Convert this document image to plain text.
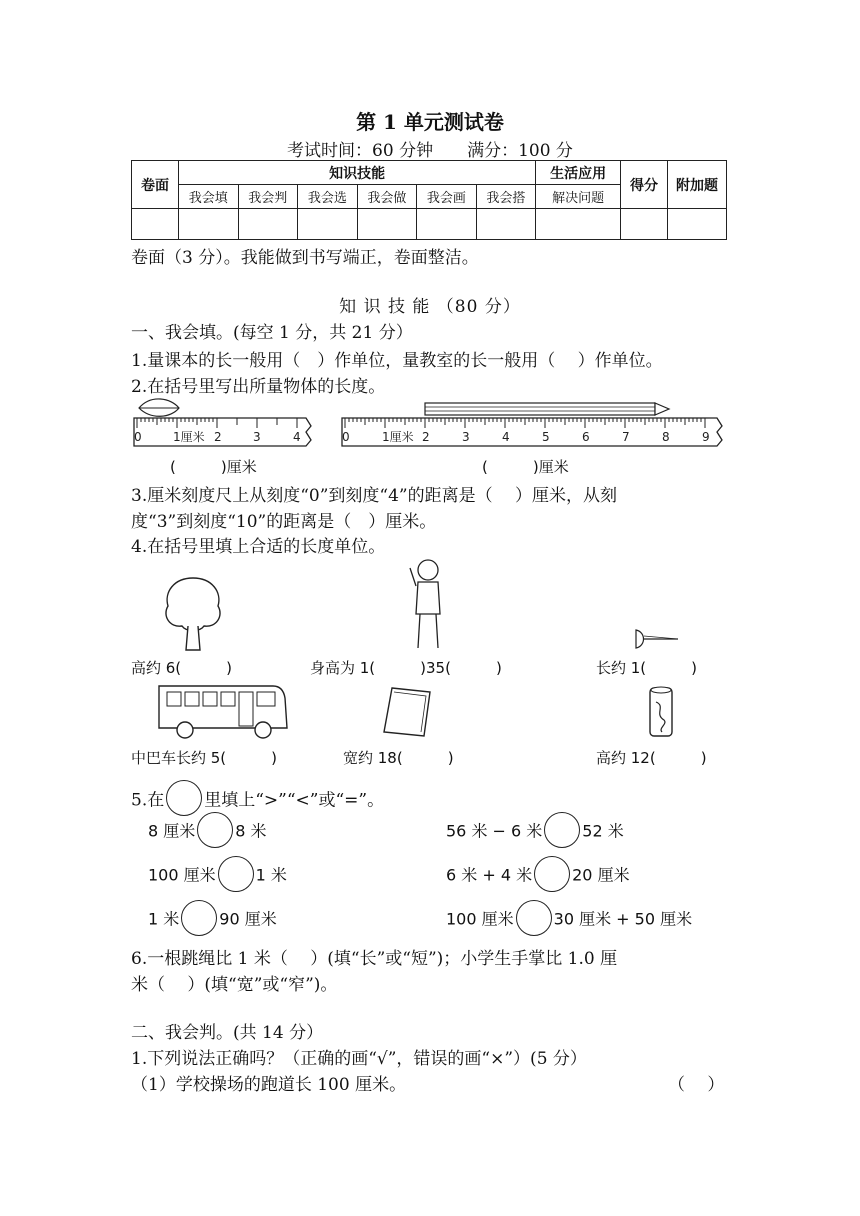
第 1 单元测试卷
考试时间：60 分钟　　满分：100 分
卷面	知识技能						生活应用	得分	附加题
	我会填	我会判	我会选	我会做	我会画	我会搭	解决问题		

卷面（3 分）。我能做到书写端正，卷面整洁。
知 识 技 能 （80 分）
一、我会填。(每空 1 分，共 21 分）
1.量课本的长一般用（　）作单位，量教室的长一般用（　 ）作单位。
2.在括号里写出所量物体的长度。
0	1厘米 2	3	4	0	1厘米 2	3	4	5	6	7	8	9
(　　　)厘米	(　　　)厘米
3.厘米刻度尺上从刻度“0”到刻度“4”的距离是（　 ）厘米，从刻
度“3”到刻度“10”的距离是（　）厘米。
4.在括号里填上合适的长度单位。
高约 6(　　　)	身高为 1(　　　)35(　　　)	长约 1(　　　)
中巴车长约 5(　　　)	宽约 18(　　　)	高约 12(　　　)
5.在 里填上“>”“<”或“=”。
8 厘米	8 米	56 米 − 6 米	52 米
100 厘米	1 米	6 米 + 4 米	20 厘米
1 米	90 厘米	100 厘米	30 厘米 + 50 厘米
6.一根跳绳比 1 米（　 ）(填“长”或“短”)；小学生手掌比 1.0 厘
米（　 ）(填“宽”或“窄”)。
二、我会判。(共 14 分）
1.下列说法正确吗？（正确的画“√”，错误的画“×”）(5 分）
（1）学校操场的跑道长 100 厘米。	（　 ）
